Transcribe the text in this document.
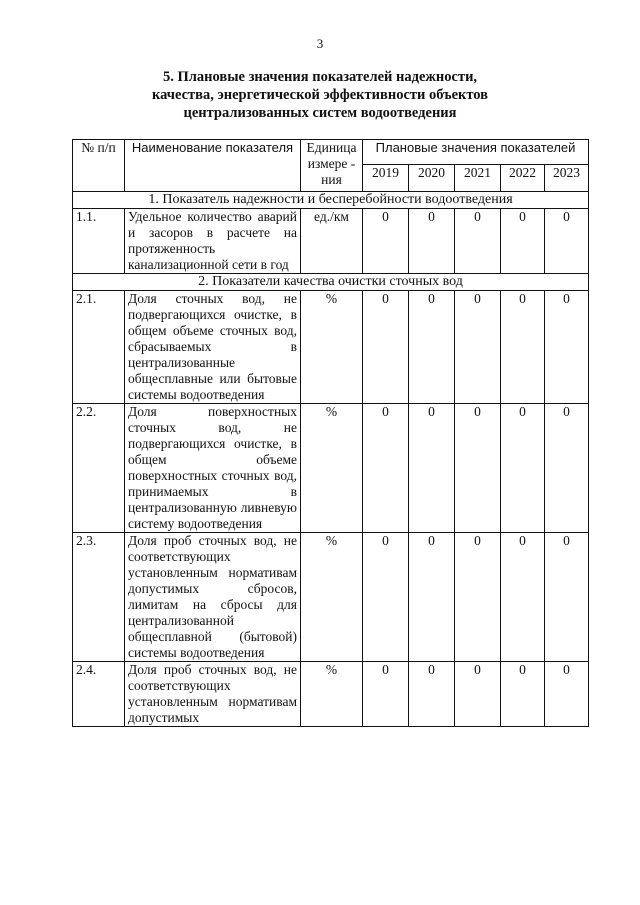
3
5. Плановые значения показателей надежности,
качества, энергетической эффективности объектов
централизованных систем водоотведения
№ п/п	Наименование показателя	Единица измере - ния	Плановые значения показателей				
			2019	2020	2021	2022	2023
1. Показатель надежности и бесперебойности водоотведения							
1.1.	Удельное количество аварий и засоров в расчете на протяженность канализационной сети в год	ед./км	0	0	0	0	0
2. Показатели качества очистки сточных вод							
2.1.	Доля сточных вод, не подвергающихся очистке, в общем объеме сточных вод, сбрасываемых в централизованные общесплавные или бытовые системы водоотведения	%	0	0	0	0	0
2.2.	Доля поверхностных сточных вод, не подвергающихся очистке, в общем объеме поверхностных сточных вод, принимаемых в централизованную ливневую систему водоотведения	%	0	0	0	0	0
2.3.	Доля проб сточных вод, не соответствующих установленным нормативам допустимых сбросов, лимитам на сбросы для централизованной общесплавной (бытовой) системы водоотведения	%	0	0	0	0	0
2.4.	Доля проб сточных вод, не соответствующих установленным нормативам допустимых	%	0	0	0	0	0
